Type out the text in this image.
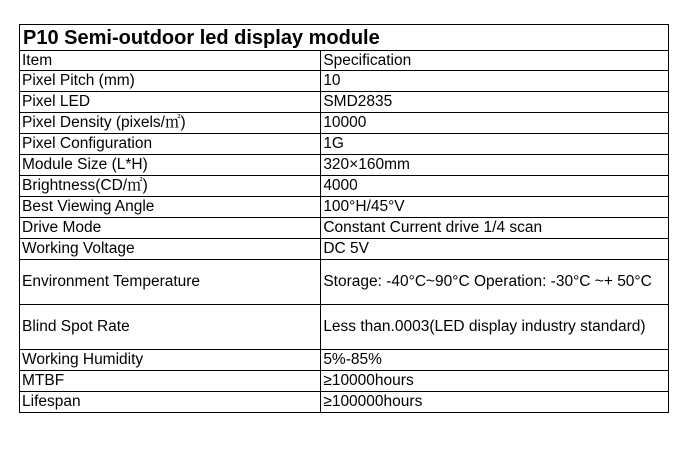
P10 Semi-outdoor led display module	
Item	Specification
Pixel Pitch (mm)	10
Pixel LED	SMD2835
Pixel Density (pixels/㎡)	10000
Pixel Configuration	1G
Module Size (L*H)	320×160mm
Brightness(CD/㎡)	4000
Best Viewing Angle	100°H/45°V
Drive Mode	Constant Current drive 1/4 scan
Working Voltage	DC 5V
Environment Temperature	Storage: -40°C~90°C Operation: -30°C ~+ 50°C
Blind Spot Rate	Less than.0003(LED display industry standard)
Working Humidity	5%-85%
MTBF	≥10000hours
Lifespan	≥100000hours
